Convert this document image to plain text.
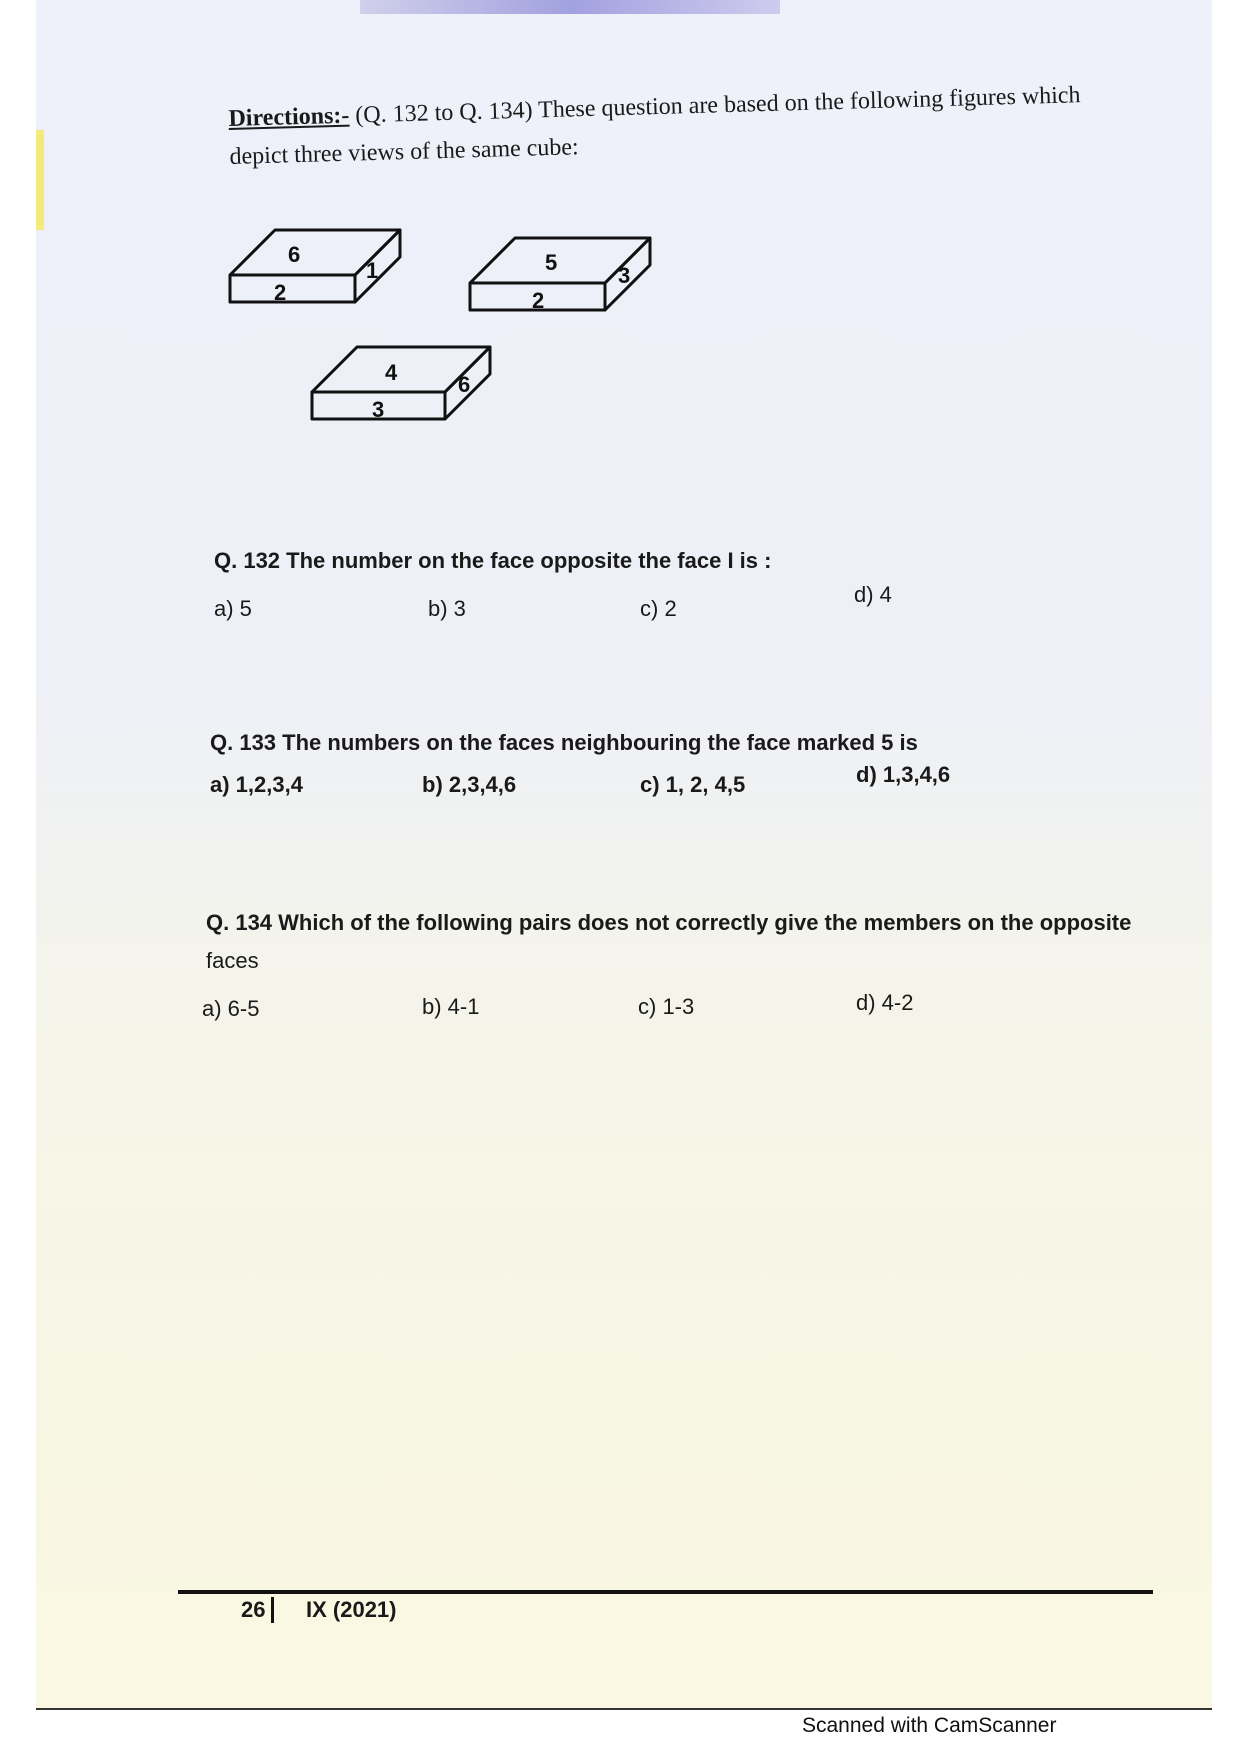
Directions:- (Q. 132 to Q. 134) These question are based on the following figures which depict three views of the same cube:
6
2
1	5
2
3
4
3
6
Q. 132 The number on the face opposite the face I is :
a) 5	b) 3	c) 2
d) 4
Q. 133 The numbers on the faces neighbouring the face marked 5 is
a) 1,2,3,4	b) 2,3,4,6	c) 1, 2, 4,5	d) 1,3,4,6
Q. 134 Which of the following pairs does not correctly give the members on the opposite
faces
a) 6-5	b) 4-1	c) 1-3	d) 4-2
26	IX (2021)
Scanned with CamScanner
